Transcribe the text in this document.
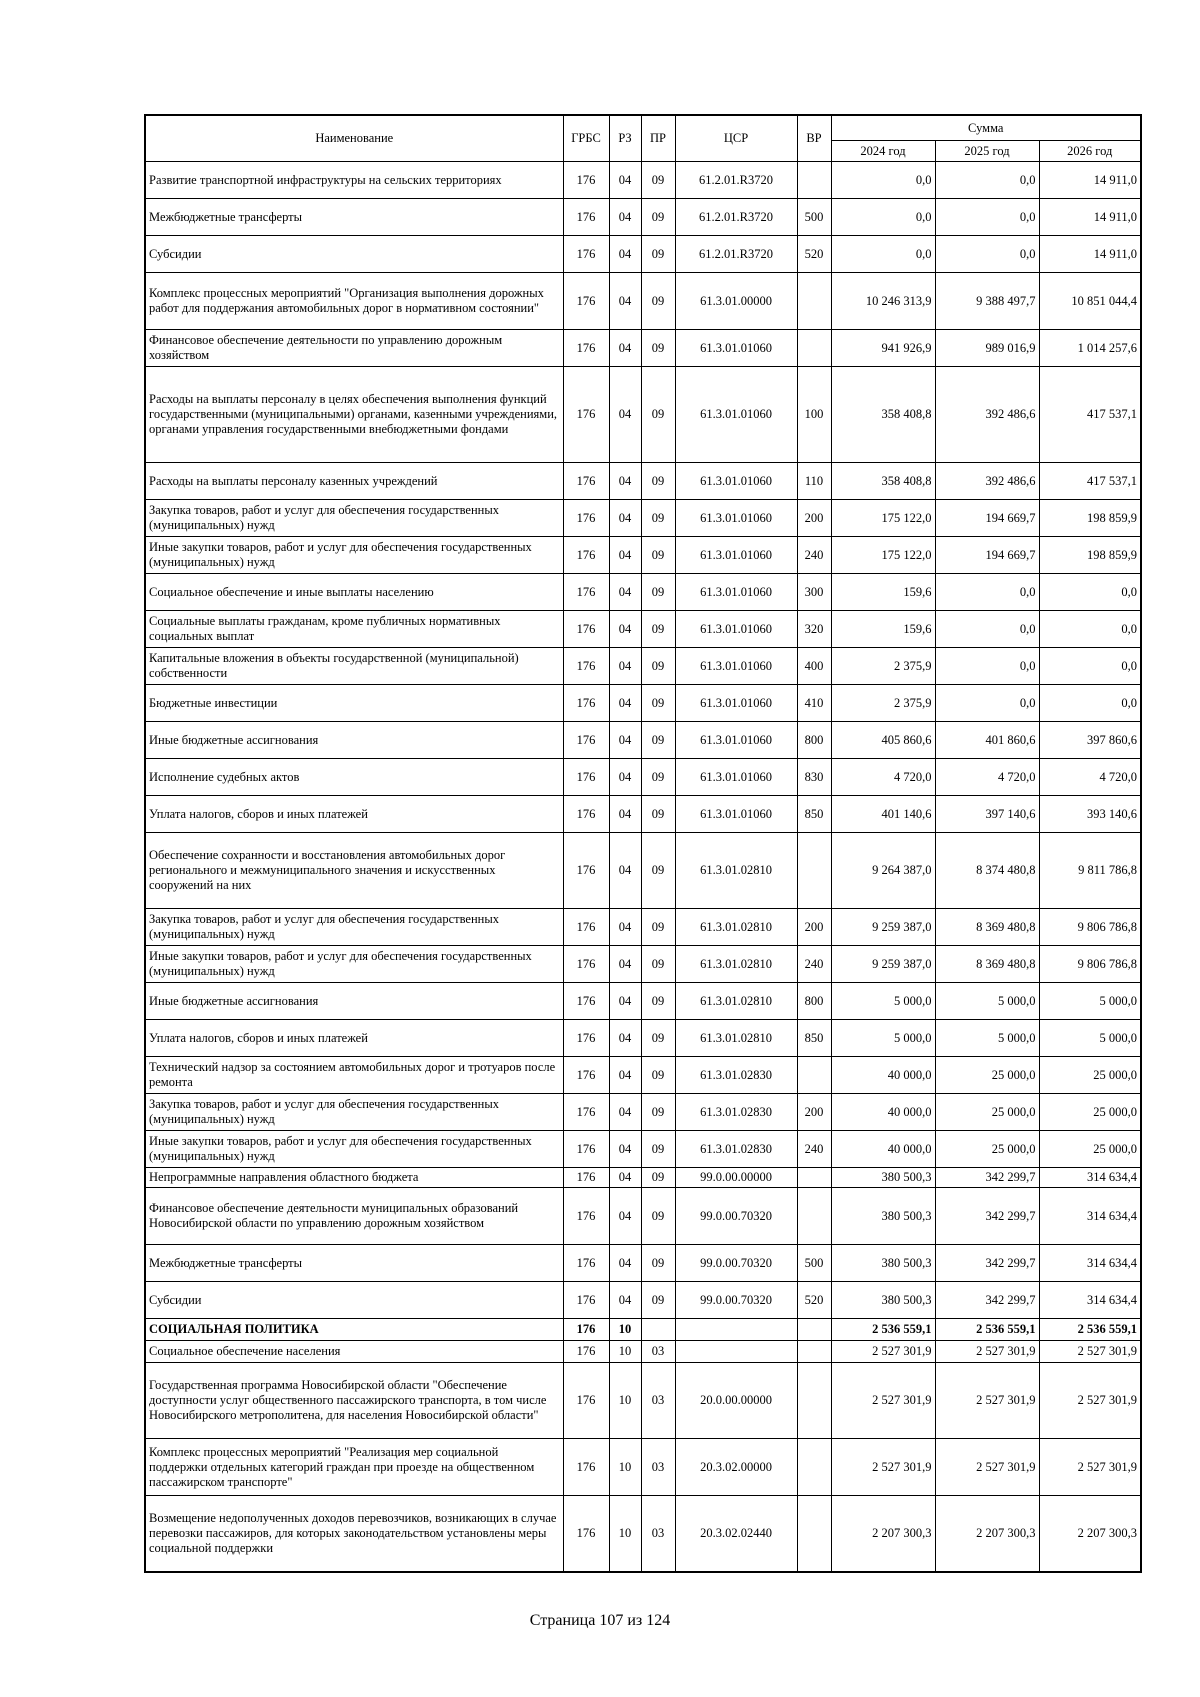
Наименование	ГРБС	РЗ	ПР	ЦСР	ВР	Сумма		
						2024 год	2025 год	2026 год
Развитие транспортной инфраструктуры на сельских территориях	176	04	09	61.2.01.R3720		0,0	0,0	14 911,0
Межбюджетные трансферты	176	04	09	61.2.01.R3720	500	0,0	0,0	14 911,0
Субсидии	176	04	09	61.2.01.R3720	520	0,0	0,0	14 911,0
Комплекс процессных мероприятий "Организация выполнения дорожных работ для поддержания автомобильных дорог в нормативном состоянии"	176	04	09	61.3.01.00000		10 246 313,9	9 388 497,7	10 851 044,4
Финансовое обеспечение деятельности по управлению дорожным хозяйством	176	04	09	61.3.01.01060		941 926,9	989 016,9	1 014 257,6
Расходы на выплаты персоналу в целях обеспечения выполнения функций государственными (муниципальными) органами, казенными учреждениями, органами управления государственными внебюджетными фондами	176	04	09	61.3.01.01060	100	358 408,8	392 486,6	417 537,1
Расходы на выплаты персоналу казенных учреждений	176	04	09	61.3.01.01060	110	358 408,8	392 486,6	417 537,1
Закупка товаров, работ и услуг для обеспечения государственных (муниципальных) нужд	176	04	09	61.3.01.01060	200	175 122,0	194 669,7	198 859,9
Иные закупки товаров, работ и услуг для обеспечения государственных (муниципальных) нужд	176	04	09	61.3.01.01060	240	175 122,0	194 669,7	198 859,9
Социальное обеспечение и иные выплаты населению	176	04	09	61.3.01.01060	300	159,6	0,0	0,0
Социальные выплаты гражданам, кроме публичных нормативных социальных выплат	176	04	09	61.3.01.01060	320	159,6	0,0	0,0
Капитальные вложения в объекты государственной (муниципальной) собственности	176	04	09	61.3.01.01060	400	2 375,9	0,0	0,0
Бюджетные инвестиции	176	04	09	61.3.01.01060	410	2 375,9	0,0	0,0
Иные бюджетные ассигнования	176	04	09	61.3.01.01060	800	405 860,6	401 860,6	397 860,6
Исполнение судебных актов	176	04	09	61.3.01.01060	830	4 720,0	4 720,0	4 720,0
Уплата налогов, сборов и иных платежей	176	04	09	61.3.01.01060	850	401 140,6	397 140,6	393 140,6
Обеспечение сохранности и восстановления автомобильных дорог регионального и межмуниципального значения и искусственных сооружений на них	176	04	09	61.3.01.02810		9 264 387,0	8 374 480,8	9 811 786,8
Закупка товаров, работ и услуг для обеспечения государственных (муниципальных) нужд	176	04	09	61.3.01.02810	200	9 259 387,0	8 369 480,8	9 806 786,8
Иные закупки товаров, работ и услуг для обеспечения государственных (муниципальных) нужд	176	04	09	61.3.01.02810	240	9 259 387,0	8 369 480,8	9 806 786,8
Иные бюджетные ассигнования	176	04	09	61.3.01.02810	800	5 000,0	5 000,0	5 000,0
Уплата налогов, сборов и иных платежей	176	04	09	61.3.01.02810	850	5 000,0	5 000,0	5 000,0
Технический надзор за состоянием автомобильных дорог и тротуаров после ремонта	176	04	09	61.3.01.02830		40 000,0	25 000,0	25 000,0
Закупка товаров, работ и услуг для обеспечения государственных (муниципальных) нужд	176	04	09	61.3.01.02830	200	40 000,0	25 000,0	25 000,0
Иные закупки товаров, работ и услуг для обеспечения государственных (муниципальных) нужд	176	04	09	61.3.01.02830	240	40 000,0	25 000,0	25 000,0
Непрограммные направления областного бюджета	176	04	09	99.0.00.00000		380 500,3	342 299,7	314 634,4
Финансовое обеспечение деятельности муниципальных образований Новосибирской области по управлению дорожным хозяйством	176	04	09	99.0.00.70320		380 500,3	342 299,7	314 634,4
Межбюджетные трансферты	176	04	09	99.0.00.70320	500	380 500,3	342 299,7	314 634,4
Субсидии	176	04	09	99.0.00.70320	520	380 500,3	342 299,7	314 634,4
СОЦИАЛЬНАЯ ПОЛИТИКА	176	10				2 536 559,1	2 536 559,1	2 536 559,1
Социальное обеспечение населения	176	10	03			2 527 301,9	2 527 301,9	2 527 301,9
Государственная программа Новосибирской области "Обеспечение доступности услуг общественного пассажирского транспорта, в том числе Новосибирского метрополитена, для населения Новосибирской области"	176	10	03	20.0.00.00000		2 527 301,9	2 527 301,9	2 527 301,9
Комплекс процессных мероприятий "Реализация мер социальной поддержки отдельных категорий граждан при проезде на общественном пассажирском транспорте"	176	10	03	20.3.02.00000		2 527 301,9	2 527 301,9	2 527 301,9
Возмещение недополученных доходов перевозчиков, возникающих в случае перевозки пассажиров, для которых законодательством установлены меры социальной поддержки	176	10	03	20.3.02.02440		2 207 300,3	2 207 300,3	2 207 300,3
Страница 107 из 124
